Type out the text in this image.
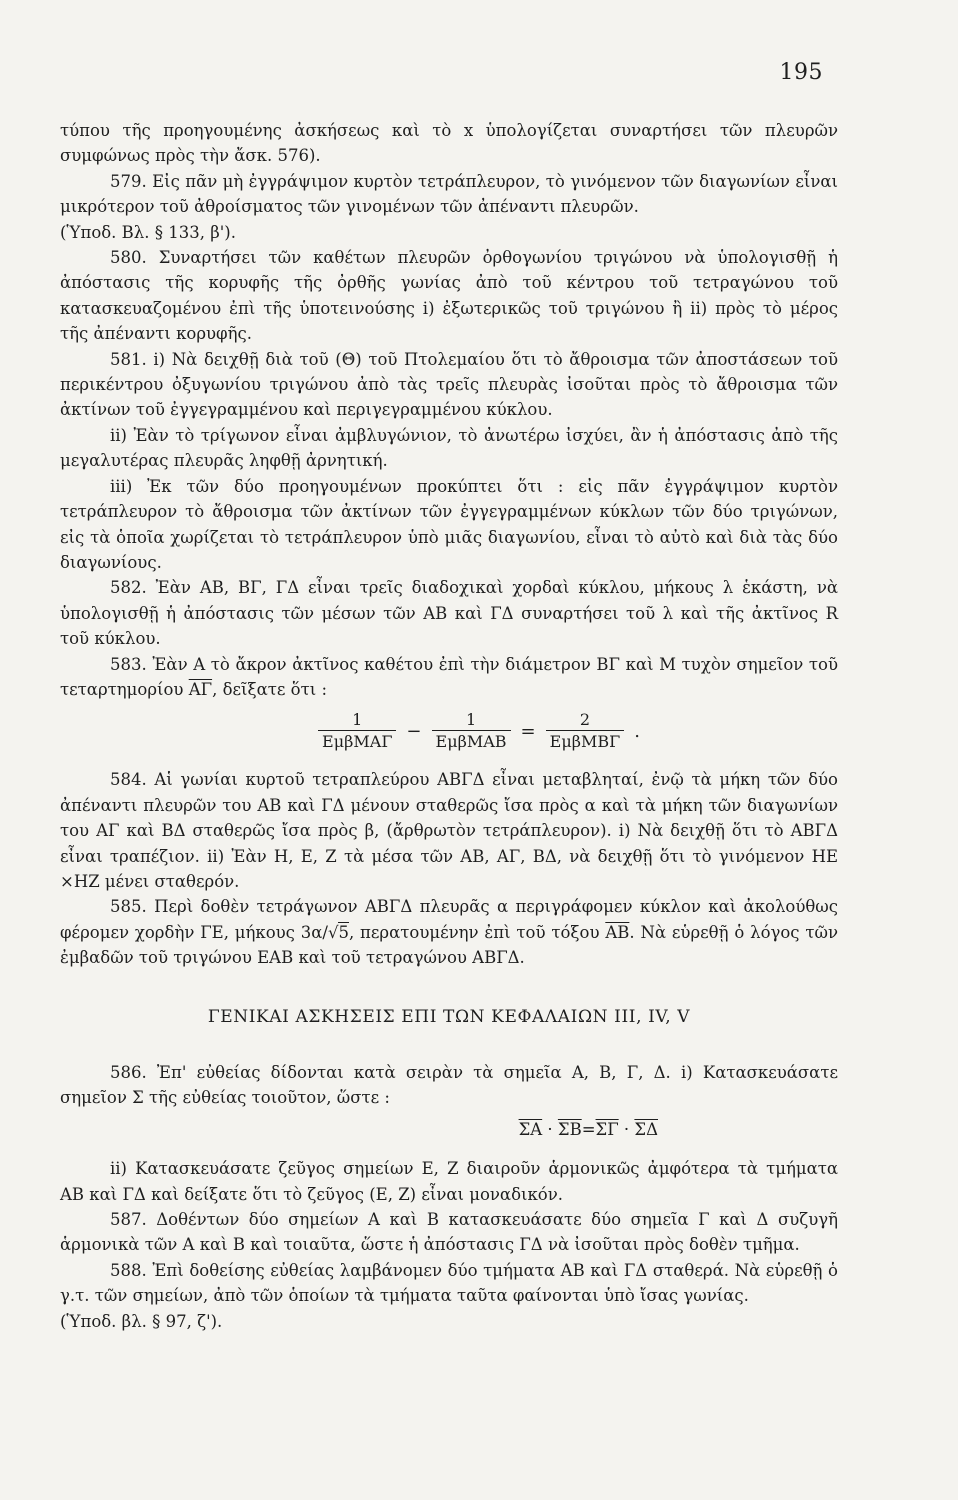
195

τύπου τῆς προηγουμένης ἀσκήσεως καὶ τὸ x ὑπολογίζεται συναρτήσει τῶν πλευρῶν συμφώνως πρὸς τὴν ἄσκ. 576).

579. Εἰς πᾶν μὴ ἐγγράψιμον κυρτὸν τετράπλευρον, τὸ γινόμενον τῶν διαγωνίων εἶναι μικρότερον τοῦ ἀθροίσματος τῶν γινομένων τῶν ἀπέναντι πλευρῶν.

(Ὑποδ. Βλ. § 133, β').

580. Συναρτήσει τῶν καθέτων πλευρῶν ὀρθογωνίου τριγώνου νὰ ὑπολογισθῇ ἡ ἀπόστασις τῆς κορυφῆς τῆς ὀρθῆς γωνίας ἀπὸ τοῦ κέντρου τοῦ τετραγώνου τοῦ κατασκευαζομένου ἐπὶ τῆς ὑποτεινούσης i) ἐξωτερικῶς τοῦ τριγώνου ἢ ii) πρὸς τὸ μέρος τῆς ἀπέναντι κορυφῆς.

581. i) Νὰ δειχθῇ διὰ τοῦ (Θ) τοῦ Πτολεμαίου ὅτι τὸ ἄθροισμα τῶν ἀποστάσεων τοῦ περικέντρου ὀξυγωνίου τριγώνου ἀπὸ τὰς τρεῖς πλευρὰς ἰσοῦται πρὸς τὸ ἄθροισμα τῶν ἀκτίνων τοῦ ἐγγεγραμμένου καὶ περιγεγραμμένου κύκλου.

ii) Ἐὰν τὸ τρίγωνον εἶναι ἀμβλυγώνιον, τὸ ἀνωτέρω ἰσχύει, ἂν ἡ ἀπόστασις ἀπὸ τῆς μεγαλυτέρας πλευρᾶς ληφθῇ ἀρνητική.

iii) Ἐκ τῶν δύο προηγουμένων προκύπτει ὅτι : εἰς πᾶν ἐγγράψιμον κυρτὸν τετράπλευρον τὸ ἄθροισμα τῶν ἀκτίνων τῶν ἐγγεγραμμένων κύκλων τῶν δύο τριγώνων, εἰς τὰ ὁποῖα χωρίζεται τὸ τετράπλευρον ὑπὸ μιᾶς διαγωνίου, εἶναι τὸ αὐτὸ καὶ διὰ τὰς δύο διαγωνίους.

582. Ἐὰν ΑΒ, ΒΓ, ΓΔ εἶναι τρεῖς διαδοχικαὶ χορδαὶ κύκλου, μήκους λ ἑκάστη, νὰ ὑπολογισθῇ ἡ ἀπόστασις τῶν μέσων τῶν ΑΒ καὶ ΓΔ συναρτήσει τοῦ λ καὶ τῆς ἀκτῖνος R τοῦ κύκλου.

583. Ἐὰν Α τὸ ἄκρον ἀκτῖνος καθέτου ἐπὶ τὴν διάμετρον ΒΓ καὶ Μ τυχὸν σημεῖον τοῦ τεταρτημορίου $\overline{A\Gamma}$, δεῖξατε ὅτι :

$\frac{1}{\text{ΕμβΜΑΓ}} - \frac{1}{\text{ΕμβΜΑΒ}} = \frac{2}{\text{ΕμβΜΒΓ}}$ .

584. Αἱ γωνίαι κυρτοῦ τετραπλεύρου ΑΒΓΔ εἶναι μεταβληταί, ἐνῷ τὰ μήκη τῶν δύο ἀπέναντι πλευρῶν του ΑΒ καὶ ΓΔ μένουν σταθερῶς ἴσα πρὸς α καὶ τὰ μήκη τῶν διαγωνίων του ΑΓ καὶ ΒΔ σταθερῶς ἴσα πρὸς β, (ἄρθρωτὸν τετράπλευρον). i) Νὰ δειχθῇ ὅτι τὸ ΑΒΓΔ εἶναι τραπέζιον. ii) Ἐὰν Η, Ε, Ζ τὰ μέσα τῶν ΑΒ, ΑΓ, ΒΔ, νὰ δειχθῇ ὅτι τὸ γινόμενον ΗΕ ×ΗΖ μένει σταθερόν.

585. Περὶ δοθὲν τετράγωνον ΑΒΓΔ πλευρᾶς α περιγράφομεν κύκλον καὶ ἀκολούθως φέρομεν χορδὴν ΓΕ, μήκους 3α/√5, περατουμένην ἐπὶ τοῦ τόξου $\overline{AB}$. Νὰ εὑρεθῇ ὁ λόγος τῶν ἐμβαδῶν τοῦ τριγώνου ΕΑΒ καὶ τοῦ τετραγώνου ΑΒΓΔ.

ΓΕΝΙΚΑΙ ΑΣΚΗΣΕΙΣ ΕΠΙ ΤΩΝ ΚΕΦΑΛΑΙΩΝ III, IV, V

586. Ἐπ' εὐθείας δίδονται κατὰ σειρὰν τὰ σημεῖα Α, Β, Γ, Δ. i) Κατασκευάσατε σημεῖον Σ τῆς εὐθείας τοιοῦτον, ὥστε :

$\overline{\Sigma A} \cdot \overline{\Sigma B}=\overline{\Sigma\Gamma} \cdot \overline{\Sigma\Delta}$

ii) Κατασκευάσατε ζεῦγος σημείων Ε, Ζ διαιροῦν ἁρμονικῶς ἀμφότερα τὰ τμήματα ΑΒ καὶ ΓΔ καὶ δείξατε ὅτι τὸ ζεῦγος (Ε, Ζ) εἶναι μοναδικόν.

587. Δοθέντων δύο σημείων Α καὶ Β κατασκευάσατε δύο σημεῖα Γ καὶ Δ συζυγῆ ἁρμονικὰ τῶν Α καὶ Β καὶ τοιαῦτα, ὥστε ἡ ἀπόστασις ΓΔ νὰ ἰσοῦται πρὸς δοθὲν τμῆμα.

588. Ἐπὶ δοθείσης εὐθείας λαμβάνομεν δύο τμήματα ΑΒ καὶ ΓΔ σταθερά. Νὰ εὑρεθῇ ὁ γ.τ. τῶν σημείων, ἀπὸ τῶν ὁποίων τὰ τμήματα ταῦτα φαίνονται ὑπὸ ἴσας γωνίας.

(Ὑποδ. βλ. § 97, ζ').
